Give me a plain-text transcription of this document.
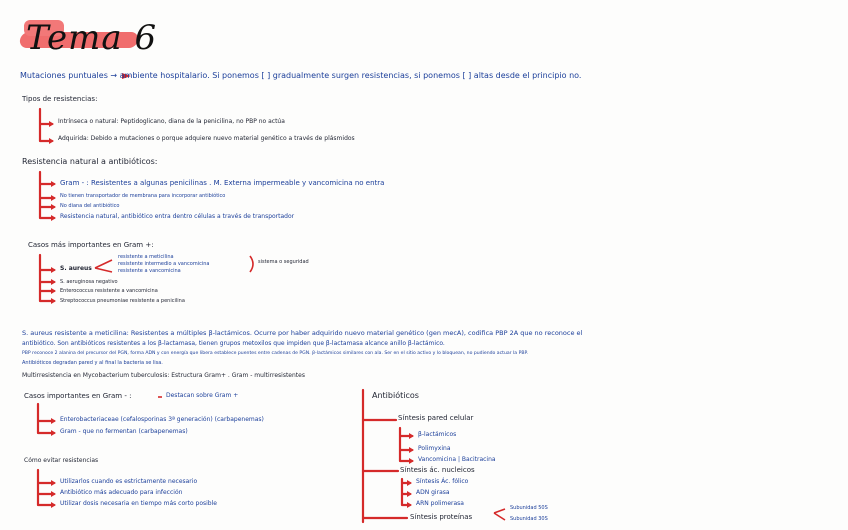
Tema 6
Mutaciones puntuales → ambiente hospitalario. Si ponemos [ ] gradualmente surgen resistencias, si ponemos [ ] altas desde el principio no.
Tipos de resistencias:
Intrínseca o natural: Peptidoglicano, diana de la penicilina, no PBP no actúa
Adquirida: Debido a mutaciones o porque adquiere nuevo material genético a través de plásmidos
Resistencia natural a antibióticos:
Gram - : Resistentes a algunas penicilinas . M. Externa impermeable y vancomicina no entra
No tienen transportador de membrana para incorporar antibiótico
No diana del antibiótico
Resistencia natural, antibiótico entra dentro células a través de transportador
Casos más importantes en Gram +:
S. aureus
resistente a meticilina
resistente intermedio a vancomicina
resistente a vancomicina
sistema o seguridad
S. aeruginosa negativo
Enterococcus resistente a vancomicina
Streptococcus pneumoniae resistente a penicilina
S. aureus resistente a meticilina: Resistentes a múltiples β-lactámicos. Ocurre por haber adquirido nuevo material genético (gen mecA), codifica PBP 2A que no reconoce el
antibiótico. Son antibióticos resistentes a los β-lactamasa, tienen grupos metoxilos que impiden que β-lactamasa alcance anillo β-lactámico.
PBP reconoce 2 alanina del precursor del PGN, forma ADN y con energía que libera establece puentes entre cadenas de PGN. β-lactámicos similares con ala. Ser en el sitio activo y lo bloquean, no pudiendo actuar la PBP.
Antibióticos degradan pared y al final la bacteria se lisa.
Multirresistencia en Mycobacterium tuberculosis: Estructura Gram+ . Gram - multirresistentes
Casos importantes en Gram - :	Destacan sobre Gram +
Enterobacteriaceae (cefalosporinas 3ª generación) (carbapenemas)
Gram - que no fermentan (carbapenemas)
Cómo evitar resistencias
Utilizarlos cuando es estrictamente necesario
Antibiótico más adecuado para infección
Utilizar dosis necesaria en tiempo más corto posible
Antibióticos
Síntesis pared celular
β-lactámicos
Polimyxina
Vancomicina | Bacitracina
Síntesis ác. nucleicos
Síntesis Ác. fólico
ADN girasa
ARN polimerasa
Síntesis proteínas
Subunidad 50S
Subunidad 30S
